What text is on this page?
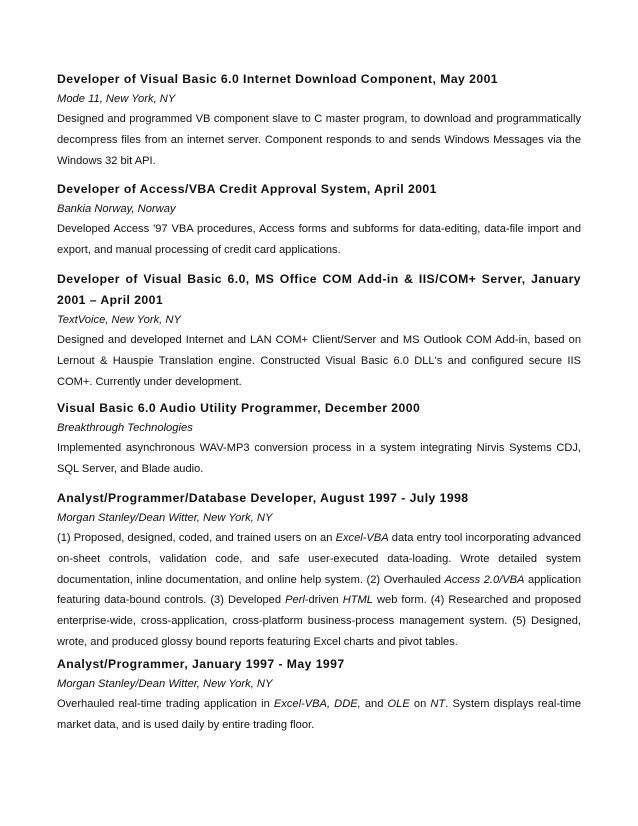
Developer of Visual Basic 6.0 Internet Download Component, May 2001
Mode 11, New York, NY

Designed and programmed VB component slave to C master program, to download and programmatically decompress files from an internet server. Component responds to and sends Windows Messages via the Windows 32 bit API.

Developer of Access/VBA Credit Approval System, April 2001
Bankia Norway, Norway

Developed Access '97 VBA procedures, Access forms and subforms for data-editing, data-file import and export, and manual processing of credit card applications.

Developer of Visual Basic 6.0, MS Office COM Add-in & IIS/COM+ Server, January 2001 – April 2001
TextVoice, New York, NY

Designed and developed Internet and LAN COM+ Client/Server and MS Outlook COM Add-in, based on Lernout & Hauspie Translation engine. Constructed Visual Basic 6.0 DLL's and configured secure IIS COM+. Currently under development.

Visual Basic 6.0 Audio Utility Programmer, December 2000
Breakthrough Technologies

Implemented asynchronous WAV-MP3 conversion process in a system integrating Nirvis Systems CDJ, SQL Server, and Blade audio.

Analyst/Programmer/Database Developer, August 1997 - July 1998
Morgan Stanley/Dean Witter, New York, NY

(1) Proposed, designed, coded, and trained users on an Excel-VBA data entry tool incorporating advanced on-sheet controls, validation code, and safe user-executed data-loading. Wrote detailed system documentation, inline documentation, and online help system. (2) Overhauled Access 2.0/VBA application featuring data-bound controls. (3) Developed Perl-driven HTML web form. (4) Researched and proposed enterprise-wide, cross-application, cross-platform business-process management system. (5) Designed, wrote, and produced glossy bound reports featuring Excel charts and pivot tables.

Analyst/Programmer, January 1997 - May 1997
Morgan Stanley/Dean Witter, New York, NY

Overhauled real-time trading application in Excel-VBA, DDE, and OLE on NT. System displays real-time market data, and is used daily by entire trading floor.
